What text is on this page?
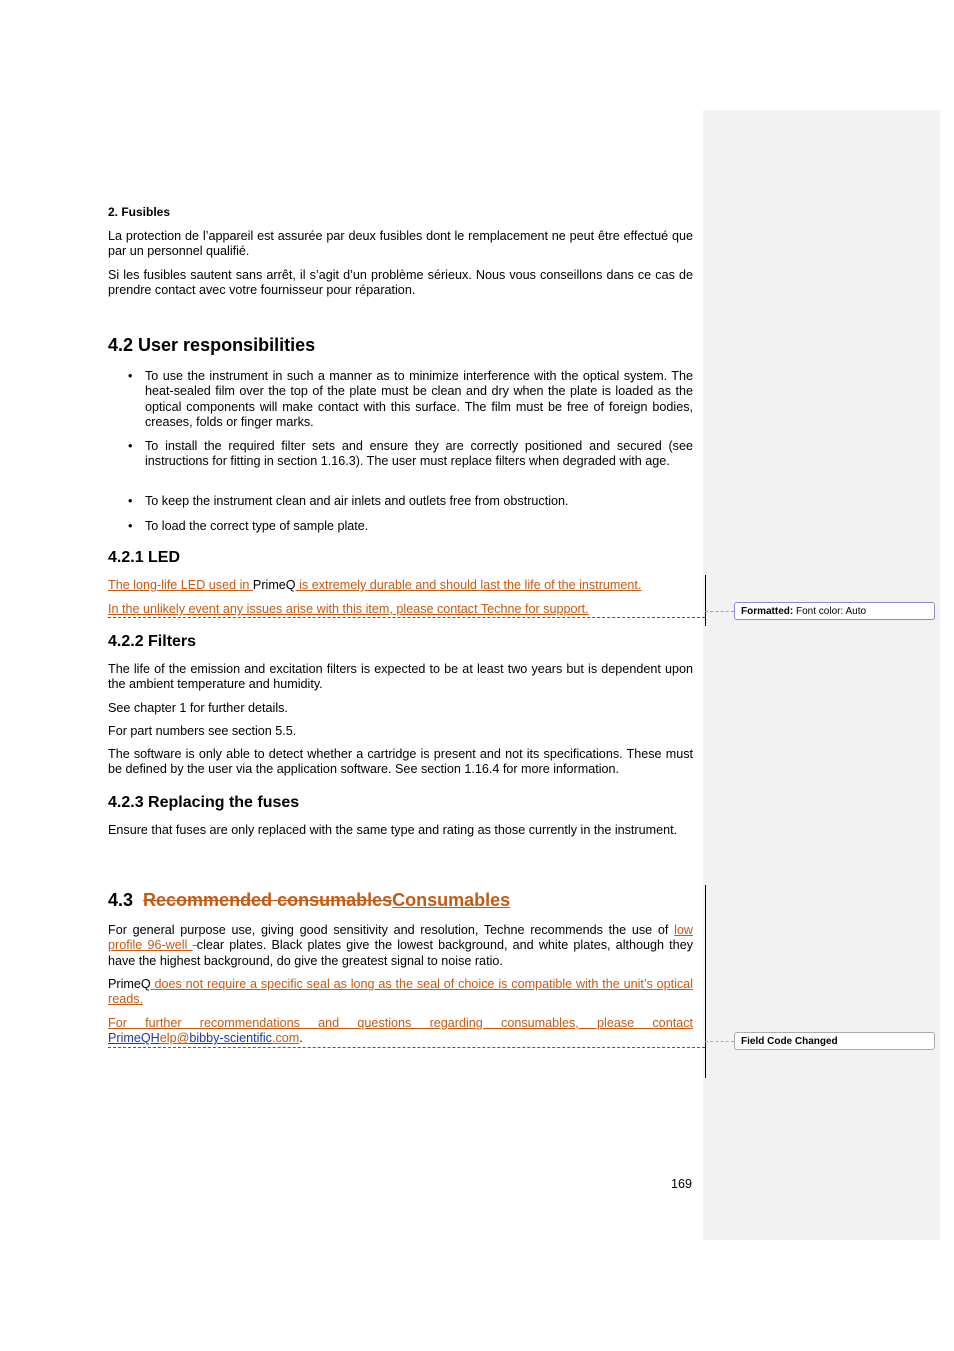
2. Fusibles

La protection de l’appareil est assurée par deux fusibles dont le remplacement ne peut être effectué que par un personnel qualifié.

Si les fusibles sautent sans arrêt, il s’agit d’un problème sérieux. Nous vous conseillons dans ce cas de prendre contact avec votre fournisseur pour réparation.

4.2 User responsibilities
• To use the instrument in such a manner as to minimize interference with the optical system. The heat-sealed film over the top of the plate must be clean and dry when the plate is loaded as the optical components will make contact with this surface. The film must be free of foreign bodies, creases, folds or finger marks.

• To install the required filter sets and ensure they are correctly positioned and secured (see instructions for fitting in section 1.16.3). The user must replace filters when degraded with age.

• To keep the instrument clean and air inlets and outlets free from obstruction.

• To load the correct type of sample plate.

4.2.1 LED

The long-life LED used in PrimeQ is extremely durable and should last the life of the instrument.

In the unlikely event any issues arise with this item, please contact Techne for support.

4.2.2 Filters

The life of the emission and excitation filters is expected to be at least two years but is dependent upon the ambient temperature and humidity.

See chapter 1 for further details.

For part numbers see section 5.5.

The software is only able to detect whether a cartridge is present and not its specifications. These must be defined by the user via the application software. See section 1.16.4 for more information.

4.2.3 Replacing the fuses

Ensure that fuses are only replaced with the same type and rating as those currently in the instrument.

4.3  Recommended consumablesConsumables

For general purpose use, giving good sensitivity and resolution, Techne recommends the use of low profile 96-well -clear plates. Black plates give the lowest background, and white plates, although they have the highest background, do give the greatest signal to noise ratio.

PrimeQ does not require a specific seal as long as the seal of choice is compatible with the unit’s optical reads.

For further recommendations and questions regarding consumables, please contact PrimeQHelp@bibby-scientific.com.

Formatted: Font color: Auto
Field Code Changed
169
